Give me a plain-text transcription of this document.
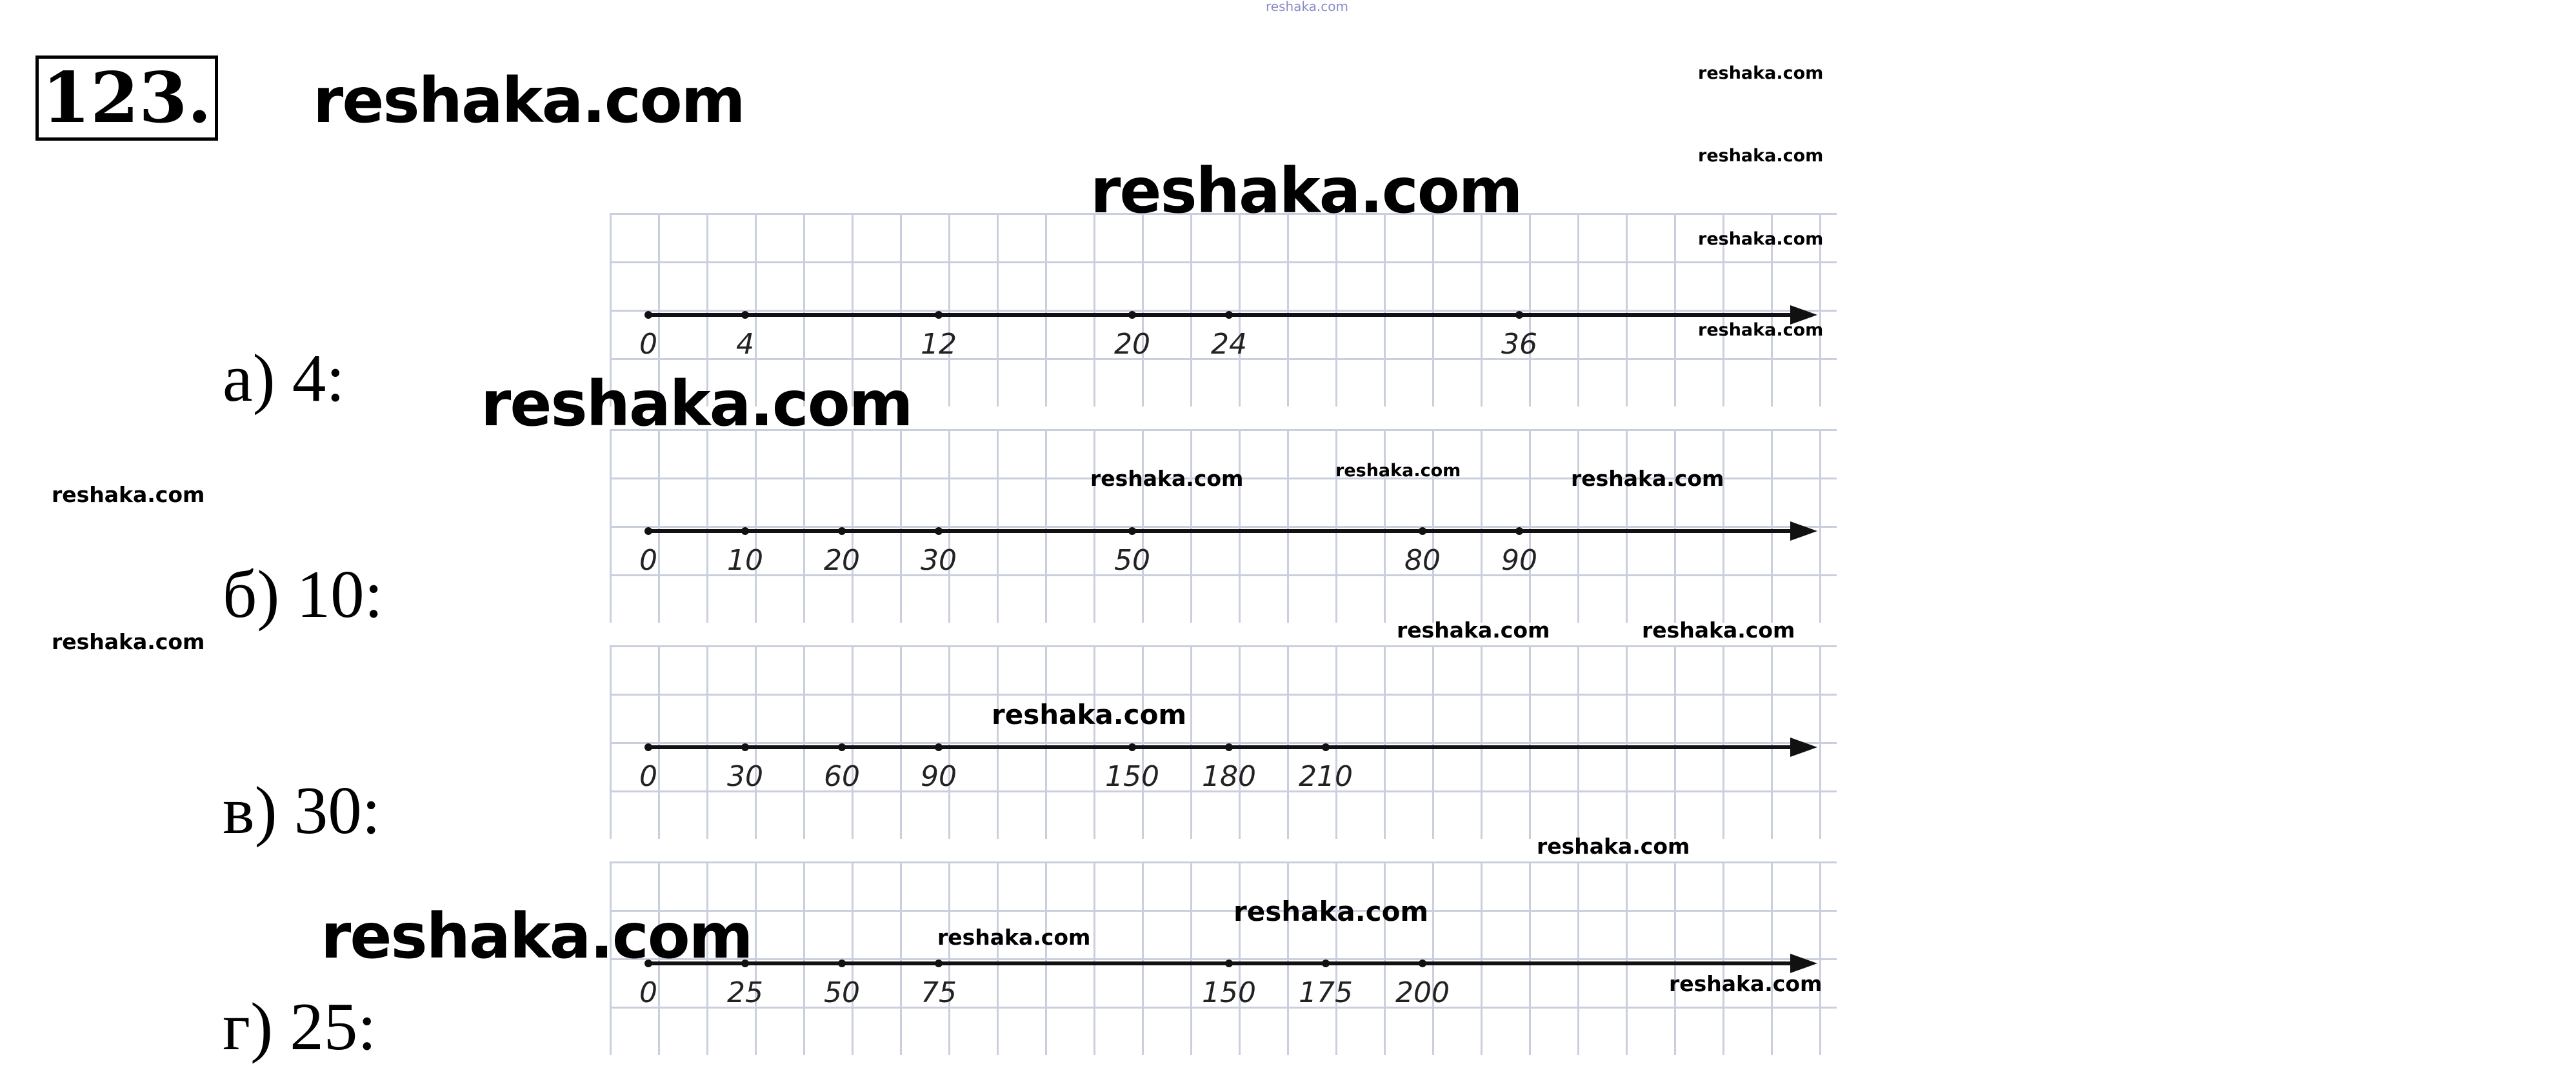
reshaka.com
123.
0	4	12	20 24	36
0 10 20 30	50	80 90
0 30 60 90	150 180 210
0 25 50 75	150 175 200
а) 4:
б) 10:
в) 30:
г) 25:
reshaka.com
reshaka.com
reshaka.com
reshaka.com
reshaka.com
reshaka.com
reshaka.com
reshaka.com
reshaka.com
reshaka.com	reshaka.com
reshaka.com
reshaka.com	reshaka.com	reshaka.com
reshaka.com
reshaka.com
reshaka.com
reshaka.com
reshaka.com
